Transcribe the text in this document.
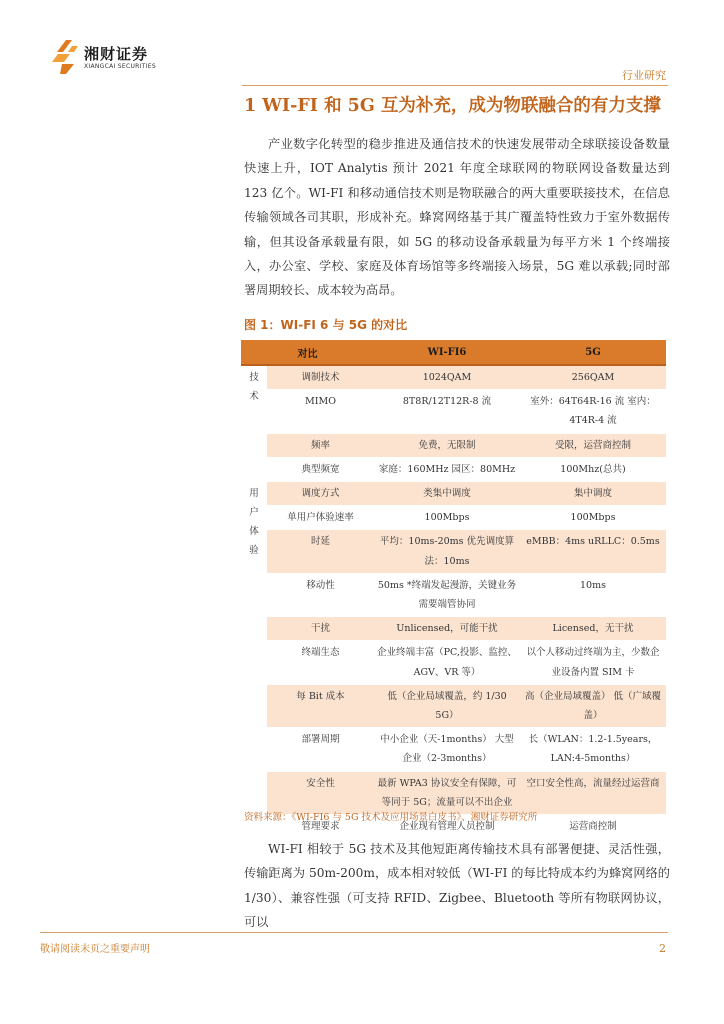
湘财证券
XIANGCAI SECURITIES
行业研究
1 WI-FI 和 5G 互为补充，成为物联融合的有力支撑
产业数字化转型的稳步推进及通信技术的快速发展带动全球联接设备数量快速上升，IOT Analytis 预计 2021 年度全球联网的物联网设备数量达到 123 亿个。WI-FI 和移动通信技术则是物联融合的两大重要联接技术，在信息传输领域各司其职，形成补充。蜂窝网络基于其广覆盖特性致力于室外数据传输，但其设备承载量有限，如 5G 的移动设备承载量为每平方米 1 个终端接入，办公室、学校、家庭及体育场馆等多终端接入场景，5G 难以承载;同时部署周期较长、成本较为高昂。
图 1：WI-FI 6 与 5G 的对比
对比		WI-FI6	5G
技
术	调制技术	1024QAM	256QAM
	MIMO	8T8R/12T12R-8 流	室外：64T64R-16 流 室内：4T4R-4 流
	频率	免费，无限制	受限，运营商控制
	典型频宽	家庭：160MHz 园区：80MHz	100Mhz(总共)
用
户
体
验	调度方式	类集中调度	集中调度
	单用户体验速率	100Mbps	100Mbps
	时延	平均：10ms-20ms 优先调度算法：10ms	eMBB：4ms uRLLC：0.5ms
	移动性	50ms *终端发起漫游，关键业务需要端管协同	10ms
	干扰	Unlicensed，可能干扰	Licensed，无干扰
	终端生态	企业终端丰富（PC,投影、监控、AGV、VR 等）	以个人移动过终端为主，少数企业设备内置 SIM 卡
	每 Bit 成本	低（企业局域覆盖，约 1/30 5G）	高（企业局域覆盖） 低（广域覆盖）
	部署周期	中小企业（天-1months） 大型企业（2-3months）	长（WLAN：1.2-1.5years， LAN:4-5months）
	安全性	最新 WPA3 协议安全有保障，可等同于 5G；流量可以不出企业	空口安全性高，流量经过运营商
	管理要求	企业现有管理人员控制	运营商控制
资料来源：《WI-FI6 与 5G 技术及应用场景白皮书》、湘财证券研究所
WI-FI 相较于 5G 技术及其他短距离传输技术具有部署便捷、灵活性强，传输距离为 50m-200m，成本相对较低（WI-FI 的每比特成本约为蜂窝网络的 1/30）、兼容性强（可支持 RFID、Zigbee、Bluetooth 等所有物联网协议，可以
敬请阅读末页之重要声明	2
